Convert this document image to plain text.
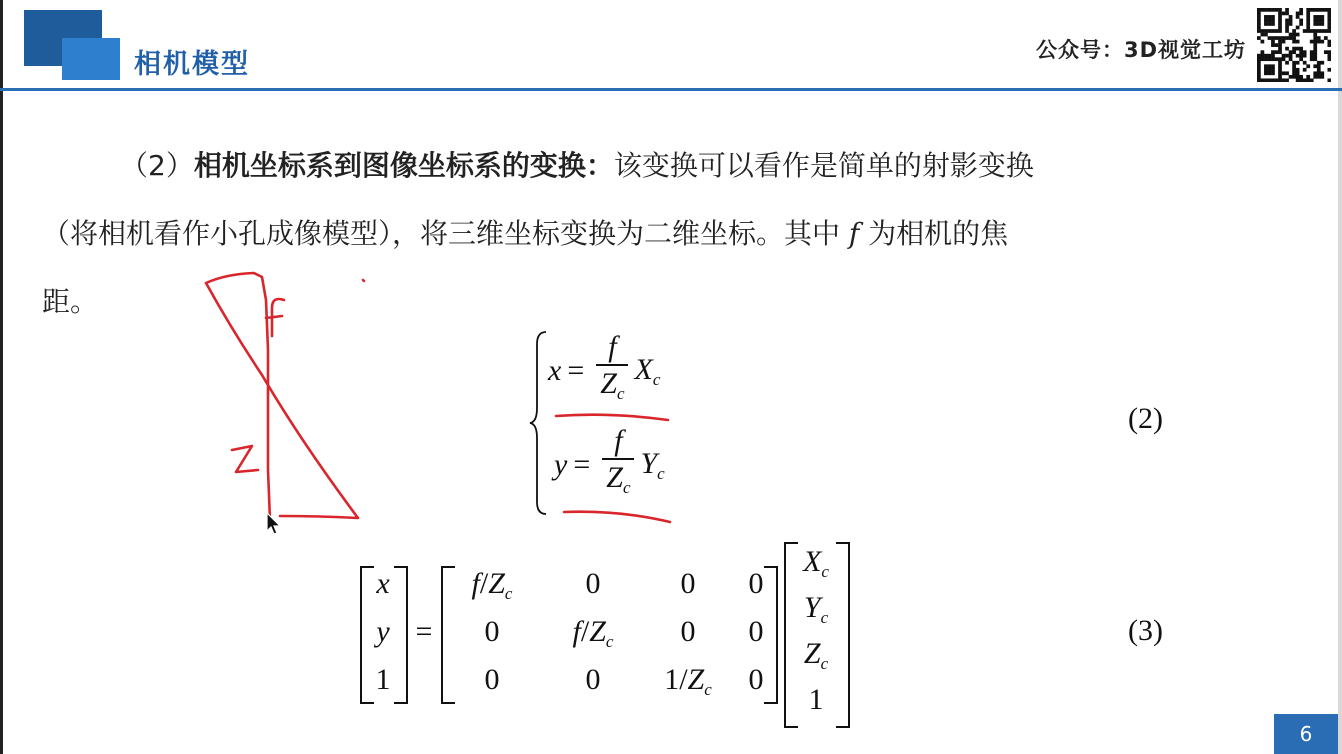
相机模型	公众号：3D视觉工坊
（2）相机坐标系到图像坐标系的变换：该变换可以看作是简单的射影变换
（将相机看作小孔成像模型），将三维坐标变换为二维坐标。其中 f 为相机的焦
距。
$x = \frac{f}{Z_c} X_c$
$y = \frac{f}{Z_c} Y_c$
(2)
x
y
1
=
$f/Z_c$ 0	0 0
0 $f/Z_c$ 0 0
0	0 $1/Z_c$ 0
$X_c$
$Y_c$
$Z_c$
1
(3)
6
